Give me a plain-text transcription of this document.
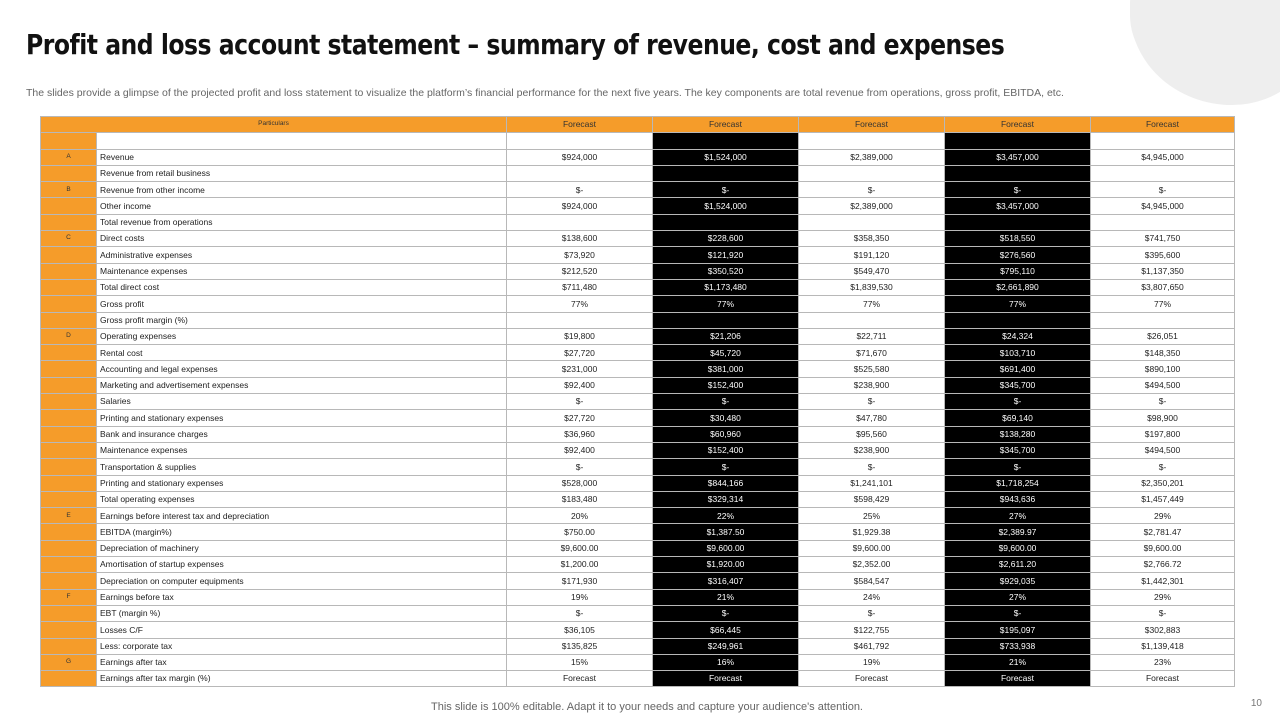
Profit and loss account statement – summary of revenue, cost and expenses

The slides provide a glimpse of the projected profit and loss statement to visualize the platform’s financial performance for the next five years. The key components are total revenue from operations, gross profit, EBITDA, etc.

Particulars		Forecast	Forecast	Forecast	Forecast	Forecast

A	Revenue	$924,000	$1,524,000	$2,389,000	$3,457,000	$4,945,000
	Revenue from retail business					
B	Revenue from other income	$-	$-	$-	$-	$-
	Other income	$924,000	$1,524,000	$2,389,000	$3,457,000	$4,945,000
	Total revenue from operations					
C	Direct costs	$138,600	$228,600	$358,350	$518,550	$741,750
	Administrative expenses	$73,920	$121,920	$191,120	$276,560	$395,600
	Maintenance expenses	$212,520	$350,520	$549,470	$795,110	$1,137,350
	Total direct cost	$711,480	$1,173,480	$1,839,530	$2,661,890	$3,807,650
	Gross profit	77%	77%	77%	77%	77%
	Gross profit margin (%)					
D	Operating expenses	$19,800	$21,206	$22,711	$24,324	$26,051
	Rental cost	$27,720	$45,720	$71,670	$103,710	$148,350
	Accounting and legal expenses	$231,000	$381,000	$525,580	$691,400	$890,100
	Marketing and advertisement expenses	$92,400	$152,400	$238,900	$345,700	$494,500
	Salaries	$-	$-	$-	$-	$-
	Printing and stationary expenses	$27,720	$30,480	$47,780	$69,140	$98,900
	Bank and insurance charges	$36,960	$60,960	$95,560	$138,280	$197,800
	Maintenance expenses	$92,400	$152,400	$238,900	$345,700	$494,500
	Transportation & supplies	$-	$-	$-	$-	$-
	Printing and stationary expenses	$528,000	$844,166	$1,241,101	$1,718,254	$2,350,201
	Total operating expenses	$183,480	$329,314	$598,429	$943,636	$1,457,449
E	Earnings before interest tax and depreciation	20%	22%	25%	27%	29%
	EBITDA (margin%)	$750.00	$1,387.50	$1,929.38	$2,389.97	$2,781.47
	Depreciation of machinery	$9,600.00	$9,600.00	$9,600.00	$9,600.00	$9,600.00
	Amortisation of startup expenses	$1,200.00	$1,920.00	$2,352.00	$2,611.20	$2,766.72
	Depreciation on computer equipments	$171,930	$316,407	$584,547	$929,035	$1,442,301
F	Earnings before tax	19%	21%	24%	27%	29%
	EBT (margin %)	$-	$-	$-	$-	$-
	Losses C/F	$36,105	$66,445	$122,755	$195,097	$302,883
	Less: corporate tax	$135,825	$249,961	$461,792	$733,938	$1,139,418
G	Earnings after tax	15%	16%	19%	21%	23%
	Earnings after tax margin (%)	Forecast	Forecast	Forecast	Forecast	Forecast

This slide is 100% editable. Adapt it to your needs and capture your audience's attention.	10
